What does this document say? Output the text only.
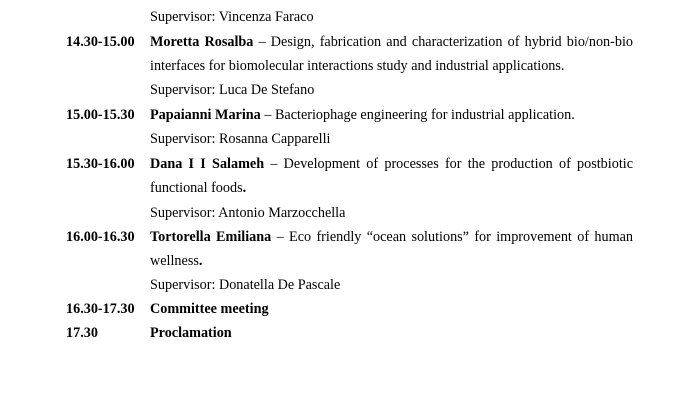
Supervisor: Vincenza Faraco
14.30-15.00 Moretta Rosalba – Design, fabrication and characterization of hybrid bio/non-bio
interfaces for biomolecular interactions study and industrial applications.
Supervisor: Luca De Stefano
15.00-15.30 Papaianni Marina – Bacteriophage engineering for industrial application.
Supervisor: Rosanna Capparelli
15.30-16.00 Dana I I Salameh – Development of processes for the production of postbiotic
functional foods.
Supervisor: Antonio Marzocchella
16.00-16.30 Tortorella Emiliana – Eco friendly “ocean solutions” for improvement of human
wellness.
Supervisor: Donatella De Pascale
16.30-17.30 Committee meeting
17.30	Proclamation
